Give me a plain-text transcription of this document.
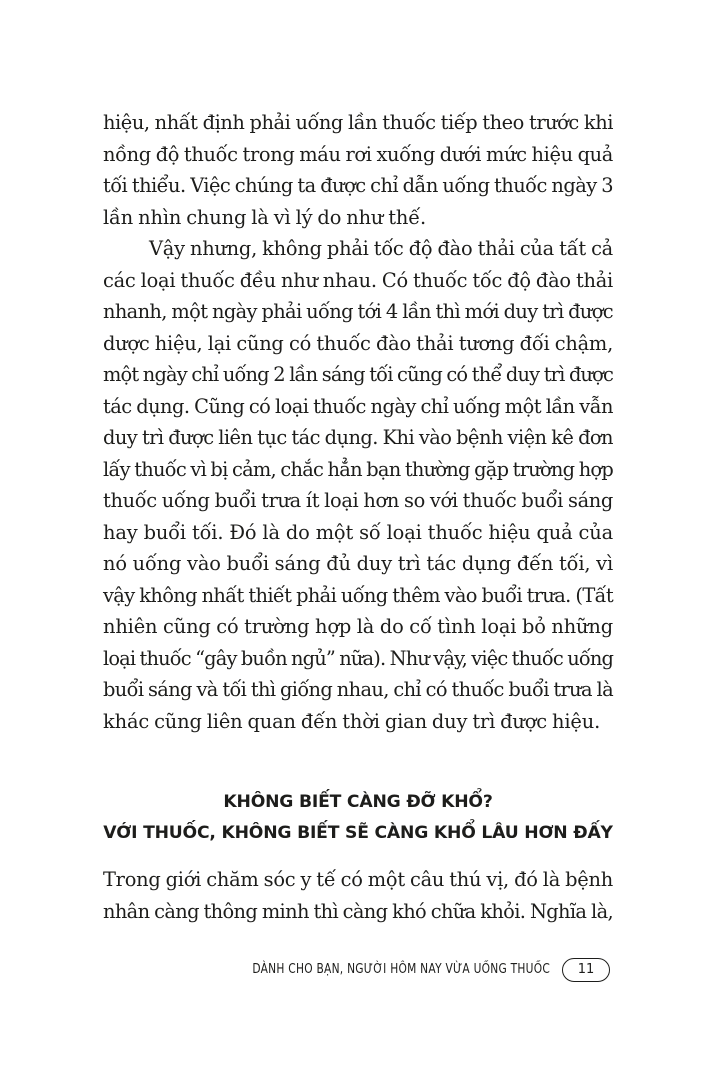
hiệu, nhất định phải uống lần thuốc tiếp theo trước khi
nồng độ thuốc trong máu rơi xuống dưới mức hiệu quả
tối thiểu. Việc chúng ta được chỉ dẫn uống thuốc ngày 3
lần nhìn chung là vì lý do như thế.
Vậy nhưng, không phải tốc độ đào thải của tất cả
các loại thuốc đều như nhau. Có thuốc tốc độ đào thải
nhanh, một ngày phải uống tới 4 lần thì mới duy trì được
dược hiệu, lại cũng có thuốc đào thải tương đối chậm,
một ngày chỉ uống 2 lần sáng tối cũng có thể duy trì được
tác dụng. Cũng có loại thuốc ngày chỉ uống một lần vẫn
duy trì được liên tục tác dụng. Khi vào bệnh viện kê đơn
lấy thuốc vì bị cảm, chắc hẳn bạn thường gặp trường hợp
thuốc uống buổi trưa ít loại hơn so với thuốc buổi sáng
hay buổi tối. Đó là do một số loại thuốc hiệu quả của
nó uống vào buổi sáng đủ duy trì tác dụng đến tối, vì
vậy không nhất thiết phải uống thêm vào buổi trưa. (Tất
nhiên cũng có trường hợp là do cố tình loại bỏ những
loại thuốc “gây buồn ngủ” nữa). Như vậy, việc thuốc uống
buổi sáng và tối thì giống nhau, chỉ có thuốc buổi trưa là
khác cũng liên quan đến thời gian duy trì được hiệu.
KHÔNG BIẾT CÀNG ĐỠ KHỔ?
VỚI THUỐC, KHÔNG BIẾT SẼ CÀNG KHỔ LÂU HƠN ĐẤY
Trong giới chăm sóc y tế có một câu thú vị, đó là bệnh
nhân càng thông minh thì càng khó chữa khỏi. Nghĩa là,
DÀNH CHO BẠN, NGƯỜI HÔM NAY VỪA UỐNG THUỐC	11
